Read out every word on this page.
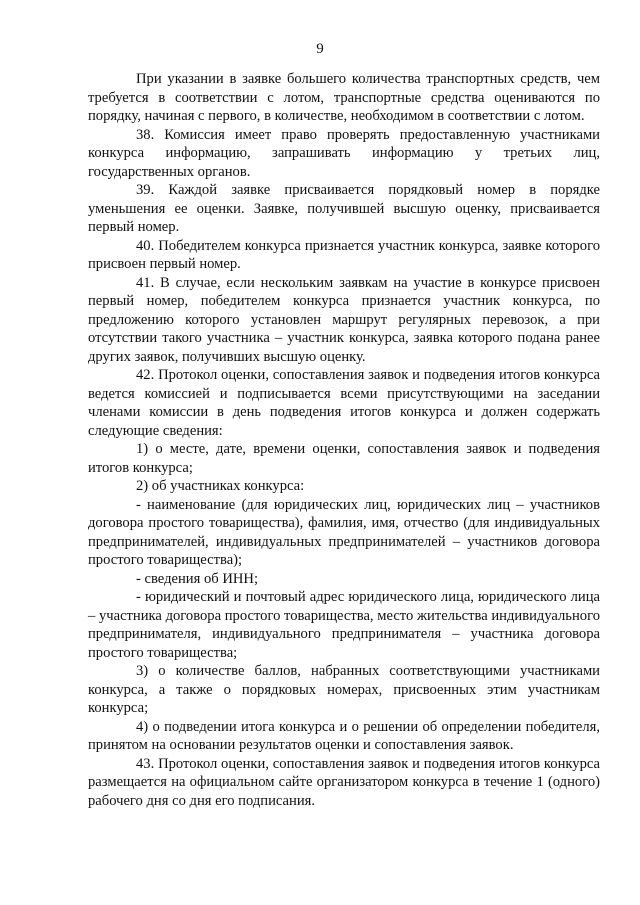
9

При указании в заявке большего количества транспортных средств, чем требуется в соответствии с лотом, транспортные средства оцениваются по порядку, начиная с первого, в количестве, необходимом в соответствии с лотом.

38. Комиссия имеет право проверять предоставленную участниками конкурса информацию, запрашивать информацию у третьих лиц, государственных органов.

39. Каждой заявке присваивается порядковый номер в порядке уменьшения ее оценки. Заявке, получившей высшую оценку, присваивается первый номер.

40. Победителем конкурса признается участник конкурса, заявке которого присвоен первый номер.

41. В случае, если нескольким заявкам на участие в конкурсе присвоен первый номер, победителем конкурса признается участник конкурса, по предложению которого установлен маршрут регулярных перевозок, а при отсутствии такого участника – участник конкурса, заявка которого подана ранее других заявок, получивших высшую оценку.

42. Протокол оценки, сопоставления заявок и подведения итогов конкурса ведется комиссией и подписывается всеми присутствующими на заседании членами комиссии в день подведения итогов конкурса и должен содержать следующие сведения:

1) о месте, дате, времени оценки, сопоставления заявок и подведения итогов конкурса;

2) об участниках конкурса:

- наименование (для юридических лиц, юридических лиц – участников договора простого товарищества), фамилия, имя, отчество (для индивидуальных предпринимателей, индивидуальных предпринимателей – участников договора простого товарищества);

- сведения об ИНН;

- юридический и почтовый адрес юридического лица, юридического лица – участника договора простого товарищества, место жительства индивидуального предпринимателя, индивидуального предпринимателя – участника договора простого товарищества;

3) о количестве баллов, набранных соответствующими участниками конкурса, а также о порядковых номерах, присвоенных этим участникам конкурса;

4) о подведении итога конкурса и о решении об определении победителя, принятом на основании результатов оценки и сопоставления заявок.

43. Протокол оценки, сопоставления заявок и подведения итогов конкурса размещается на официальном сайте организатором конкурса в течение 1 (одного) рабочего дня со дня его подписания.
